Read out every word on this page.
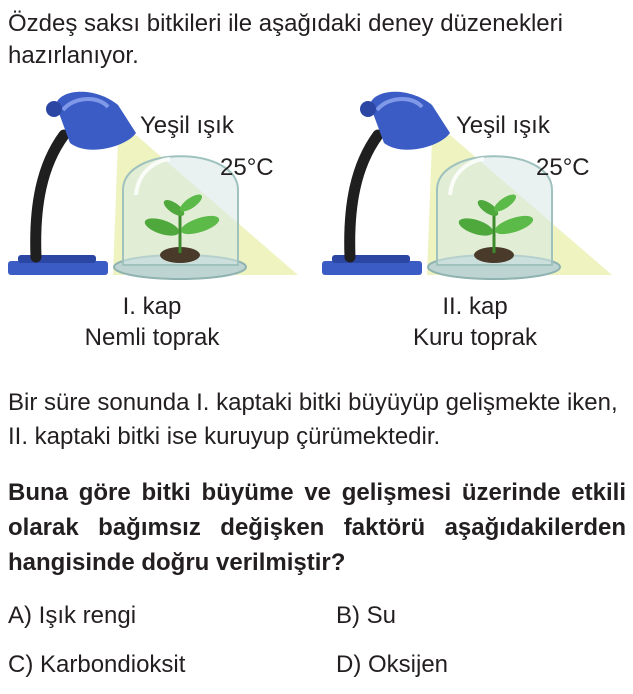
Özdeş saksı bitkileri ile aşağıdaki deney düzenekleri hazırlanıyor.
Yeşil ışık
25°C
I. kap
Nemli toprak
Yeşil ışık
25°C
II. kap
Kuru toprak
Bir süre sonunda I. kaptaki bitki büyüyüp gelişmekte iken, II. kaptaki bitki ise kuruyup çürümektedir.
Buna göre bitki büyüme ve gelişmesi üzerinde etkili olarak bağımsız değişken faktörü aşağıdakilerden hangisinde doğru verilmiştir?
A) Işık rengi	B) Su
C) Karbondioksit	D) Oksijen
